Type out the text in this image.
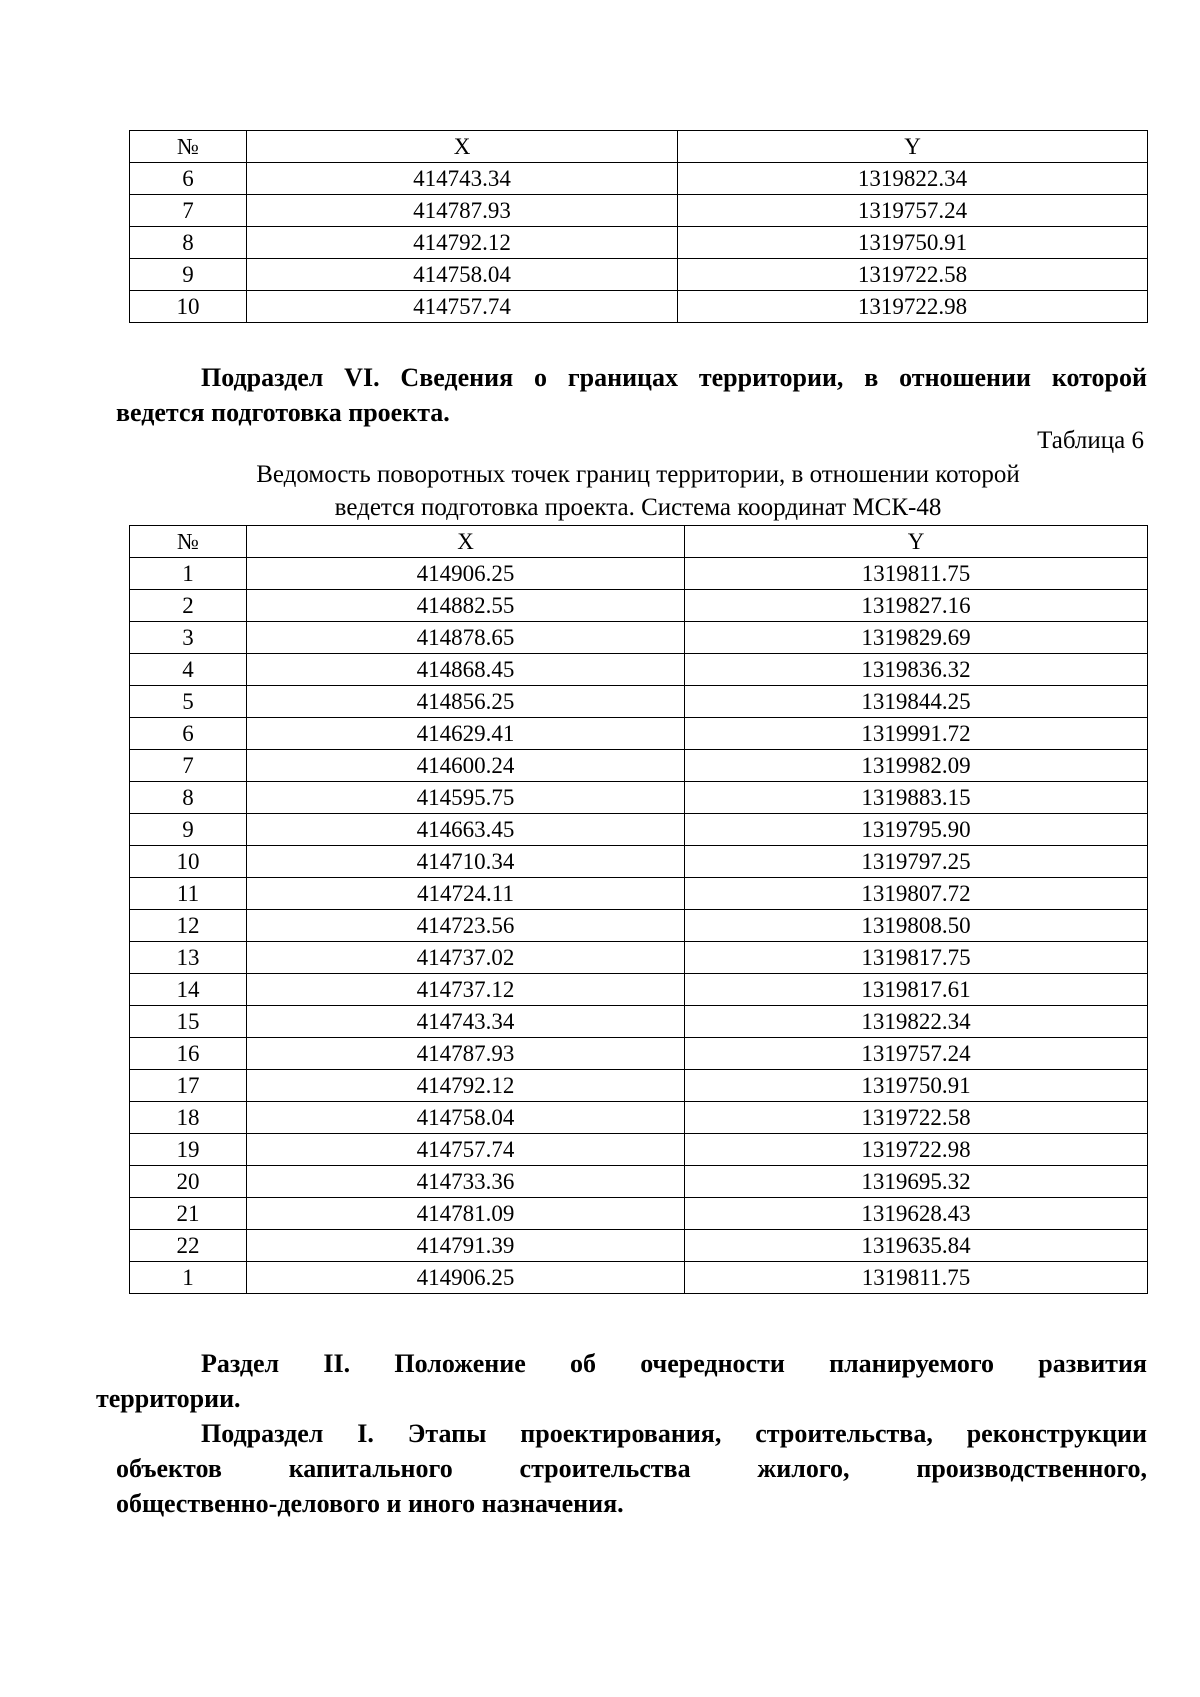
№	X	Y
6	414743.34	1319822.34
7	414787.93	1319757.24
8	414792.12	1319750.91
9	414758.04	1319722.58
10	414757.74	1319722.98
Подраздел VI. Сведения о границах территории, в отношении которой
ведется подготовка проекта.

Таблица 6

Ведомость поворотных точек границ территории, в отношении которой
ведется подготовка проекта. Система координат МСК-48
№	X	Y
1	414906.25	1319811.75
2	414882.55	1319827.16
3	414878.65	1319829.69
4	414868.45	1319836.32
5	414856.25	1319844.25
6	414629.41	1319991.72
7	414600.24	1319982.09
8	414595.75	1319883.15
9	414663.45	1319795.90
10	414710.34	1319797.25
11	414724.11	1319807.72
12	414723.56	1319808.50
13	414737.02	1319817.75
14	414737.12	1319817.61
15	414743.34	1319822.34
16	414787.93	1319757.24
17	414792.12	1319750.91
18	414758.04	1319722.58
19	414757.74	1319722.98
20	414733.36	1319695.32
21	414781.09	1319628.43
22	414791.39	1319635.84
1	414906.25	1319811.75
Раздел II. Положение об очередности планируемого развития
территории.
Подраздел I. Этапы проектирования, строительства, реконструкции
объектов капитального строительства жилого, производственного,
общественно-делового и иного назначения.
